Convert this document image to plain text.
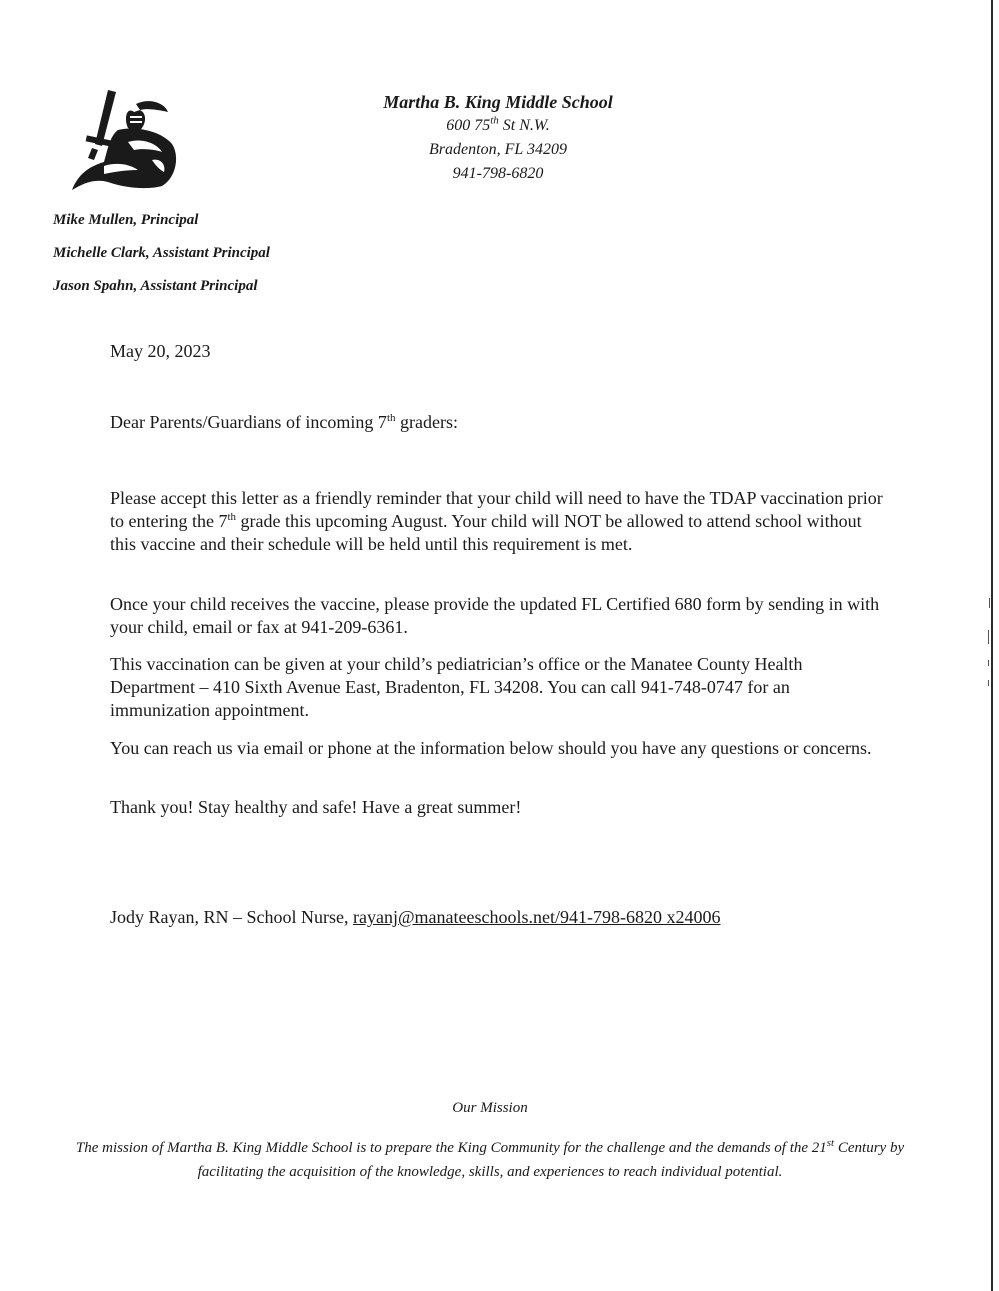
Martha B. King Middle School
600 75th St N.W.
Bradenton, FL 34209
941-798-6820
Mike Mullen, Principal
Michelle Clark, Assistant Principal
Jason Spahn, Assistant Principal
May 20, 2023
Dear Parents/Guardians of incoming 7th graders:
Please accept this letter as a friendly reminder that your child will need to have the TDAP vaccination prior to entering the 7th grade this upcoming August. Your child will NOT be allowed to attend school without this vaccine and their schedule will be held until this requirement is met.
Once your child receives the vaccine, please provide the updated FL Certified 680 form by sending in with your child, email or fax at 941-209-6361.
This vaccination can be given at your child’s pediatrician’s office or the Manatee County Health Department – 410 Sixth Avenue East, Bradenton, FL 34208. You can call 941-748-0747 for an immunization appointment.
You can reach us via email or phone at the information below should you have any questions or concerns.
Thank you! Stay healthy and safe! Have a great summer!
Jody Rayan, RN – School Nurse, rayanj@manateeschools.net/941-798-6820 x24006
Our Mission
The mission of Martha B. King Middle School is to prepare the King Community for the challenge and the demands of the 21st Century by facilitating the acquisition of the knowledge, skills, and experiences to reach individual potential.
